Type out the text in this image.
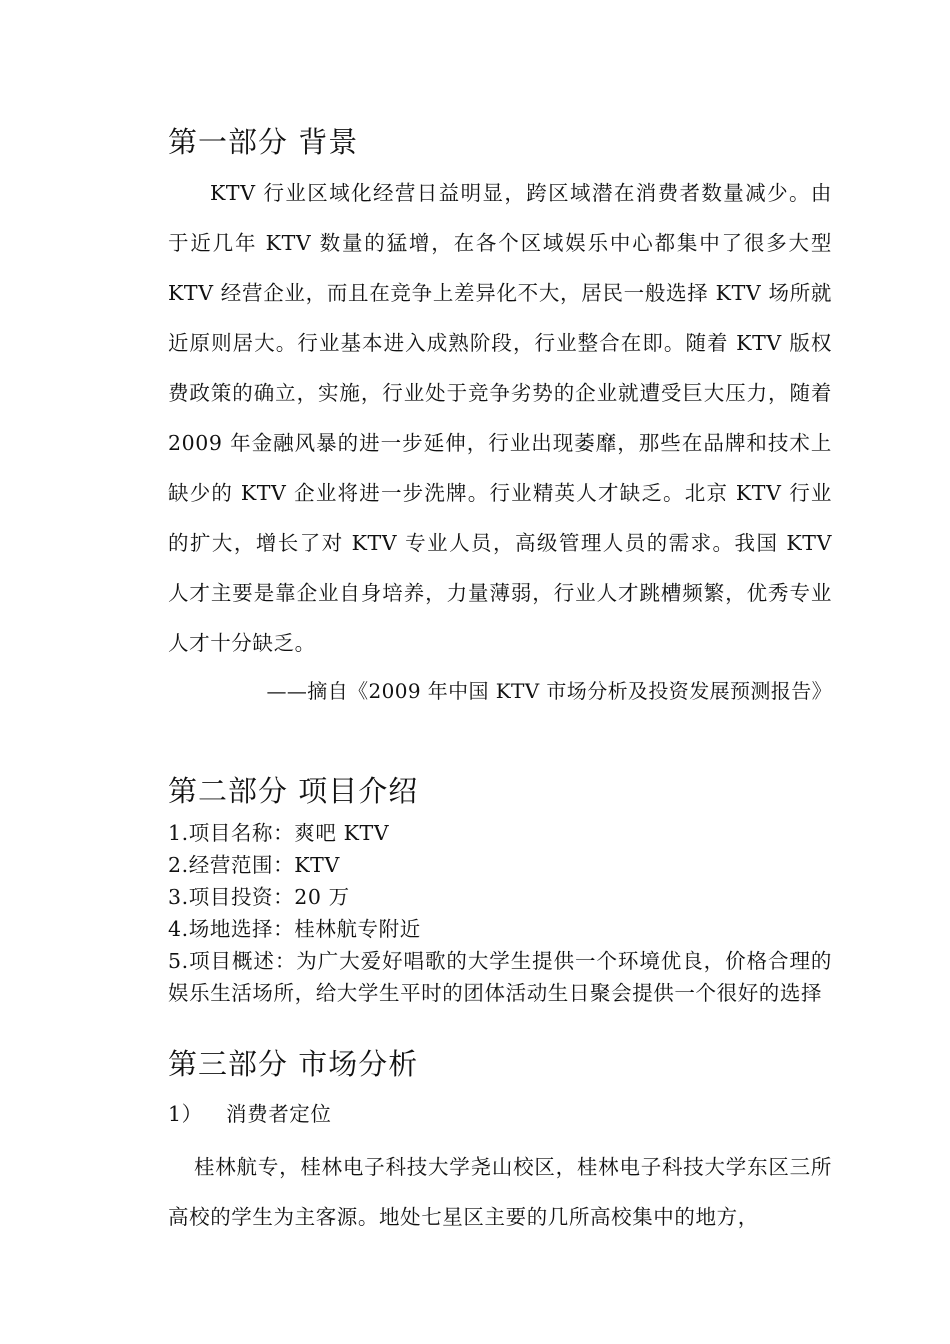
第一部分 背景

KTV 行业区域化经营日益明显，跨区域潜在消费者数量减少。由于近几年 KTV 数量的猛增，在各个区域娱乐中心都集中了很多大型 KTV 经营企业，而且在竞争上差异化不大，居民一般选择 KTV 场所就近原则居大。行业基本进入成熟阶段，行业整合在即。随着 KTV 版权费政策的确立，实施，行业处于竞争劣势的企业就遭受巨大压力，随着 2009 年金融风暴的进一步延伸，行业出现萎靡，那些在品牌和技术上缺少的 KTV 企业将进一步洗牌。行业精英人才缺乏。北京 KTV 行业的扩大，增长了对 KTV 专业人员，高级管理人员的需求。我国 KTV 人才主要是靠企业自身培养，力量薄弱，行业人才跳槽频繁，优秀专业人才十分缺乏。

——摘自《2009 年中国 KTV 市场分析及投资发展预测报告》
第二部分 项目介绍
1.项目名称：爽吧 KTV
2.经营范围：KTV
3.项目投资：20 万
4.场地选择：桂林航专附近
5.项目概述：为广大爱好唱歌的大学生提供一个环境优良，价格合理的娱乐生活场所，给大学生平时的团体活动生日聚会提供一个很好的选择
第三部分 市场分析
1） 消费者定位

桂林航专，桂林电子科技大学尧山校区，桂林电子科技大学东区三所高校的学生为主客源。地处七星区主要的几所高校集中的地方，
